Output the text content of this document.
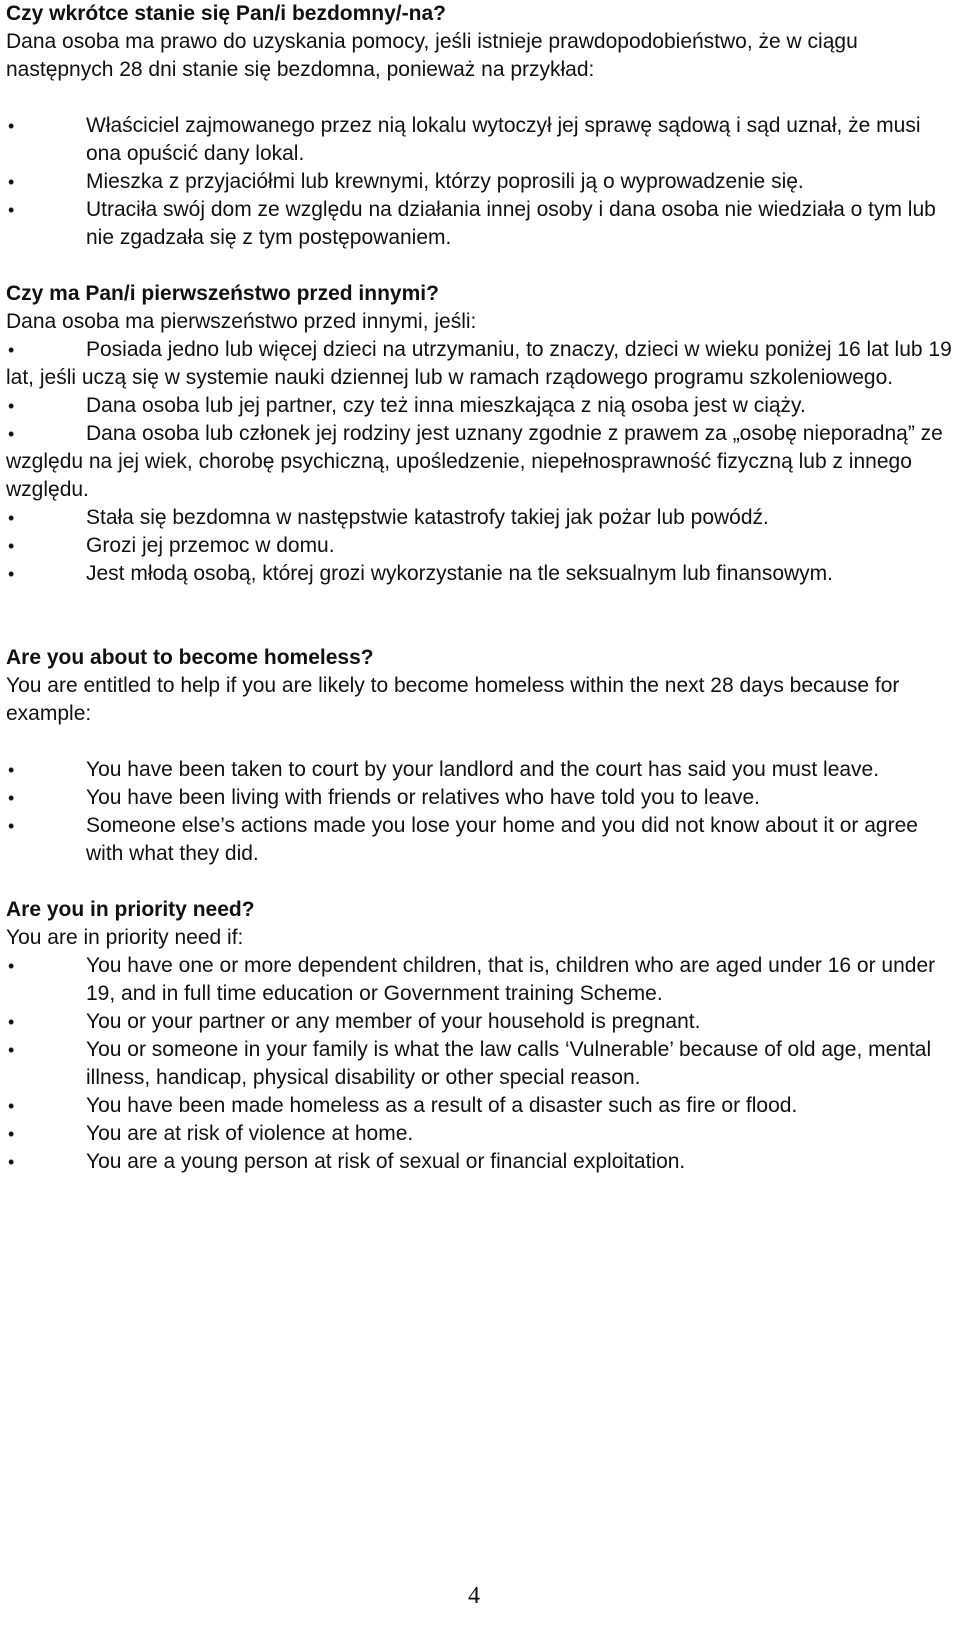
Czy wkrótce stanie się Pan/i bezdomny/-na?

Dana osoba ma prawo do uzyskania pomocy, jeśli istnieje prawdopodobieństwo, że w ciągu następnych 28 dni stanie się bezdomna, ponieważ na przykład:

•	Właściciel zajmowanego przez nią lokalu wytoczył jej sprawę sądową i sąd uznał, że musi ona opuścić dany lokal.
•	Mieszka z przyjaciółmi lub krewnymi, którzy poprosili ją o wyprowadzenie się.
•	Utraciła swój dom ze względu na działania innej osoby i dana osoba nie wiedziała o tym lub nie zgadzała się z tym postępowaniem.
Czy ma Pan/i pierwszeństwo przed innymi?

Dana osoba ma pierwszeństwo przed innymi, jeśli:

•	Posiada jedno lub więcej dzieci na utrzymaniu, to znaczy, dzieci w wieku poniżej 16 lat lub 19 lat, jeśli uczą się w systemie nauki dziennej lub w ramach rządowego programu szkoleniowego.
•	Dana osoba lub jej partner, czy też inna mieszkająca z nią osoba jest w ciąży.
•	Dana osoba lub członek jej rodziny jest uznany zgodnie z prawem za „osobę nieporadną” ze względu na jej wiek, chorobę psychiczną, upośledzenie, niepełnosprawność fizyczną lub z innego względu.
•	Stała się bezdomna w następstwie katastrofy takiej jak pożar lub powódź.
•	Grozi jej przemoc w domu.
•	Jest młodą osobą, której grozi wykorzystanie na tle seksualnym lub finansowym.
Are you about to become homeless?

You are entitled to help if you are likely to become homeless within the next 28 days because for example:

•	You have been taken to court by your landlord and the court has said you must leave.
•	You have been living with friends or relatives who have told you to leave.
•	Someone else’s actions made you lose your home and you did not know about it or agree with what they did.
Are you in priority need?

You are in priority need if:

•	You have one or more dependent children, that is, children who are aged under 16 or under 19, and in full time education or Government training Scheme.
•	You or your partner or any member of your household is pregnant.
•	You or someone in your family is what the law calls ‘Vulnerable’ because of old age, mental illness, handicap, physical disability or other special reason.
•	You have been made homeless as a result of a disaster such as fire or flood.
•	You are at risk of violence at home.
•	You are a young person at risk of sexual or financial exploitation.
4
